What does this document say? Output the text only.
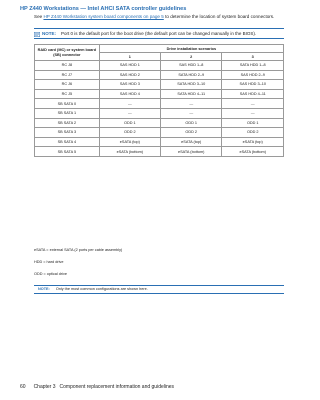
HP Z440 Workstations — Intel AHCI SATA controller guidelines
See HP Z440 Workstation system board components on page 5 to determine the location of system board connectors.
NOTE: Port 0 is the default port for the boot drive (the default port can be changed manually in the BIOS).
RAID card (MC) or system board (SB) connector	Drive installation scenarios		
	1	2	3
RC J8	SAS HDD 1	SAS HDD 1–8	SATA HDD 1–8
RC J7	SAS HDD 2	SATA HDD 2–9	SAS HDD 2–9
RC J6	SAS HDD 3	SATA HDD 3–10	SAS HDD 3–10
RC J5	SAS HDD 4	SATA HDD 4–11	SAS HDD 4–11
SB SATA 0	—	—	—
SB SATA 1	—	—	—
SB SATA 2	ODD 1	ODD 1	ODD 1
SB SATA 3	ODD 2	ODD 2	ODD 2
SB SATA 4	eSATA (top)	eSATA (top)	eSATA (top)
SB SATA 5	eSATA (bottom)	eSATA (bottom)	eSATA (bottom)
eSATA = external SATA (2 ports per cable assembly)
HDD = hard drive
ODD = optical drive
NOTE: Only the most common configurations are shown here.
60 Chapter 3 Component replacement information and guidelines
